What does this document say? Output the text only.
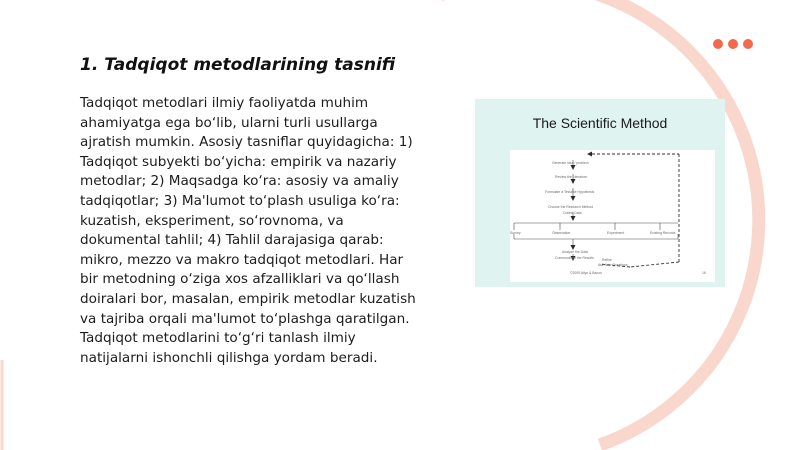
1. Tadqiqot metodlarining tasnifi

Tadqiqot metodlari ilmiy faoliyatda muhim ahamiyatga ega bo‘lib, ularni turli usullarga ajratish mumkin. Asosiy tasniflar quyidagicha: 1) Tadqiqot subyekti bo‘yicha: empirik va nazariy metodlar; 2) Maqsadga ko‘ra: asosiy va amaliy tadqiqotlar; 3) Ma'lumot to‘plash usuliga ko‘ra: kuzatish, eksperiment, so‘rovnoma, va dokumental tahlil; 4) Tahlil darajasiga qarab: mikro, mezzo va makro tadqiqot metodlari. Har bir metodning o‘ziga xos afzalliklari va qo‘llash doiralari bor, masalan, empirik metodlar kuzatish va tajriba orqali ma'lumot to‘plashga qaratilgan. Tadqiqot metodlarini to‘g‘ri tanlash ilmiy natijalarni ishonchli qilishga yordam beradi.

The Scientific Method
Generate idea / problem
Review the Literature
Formulate a Testable Hypothesis
Choose the Research Method
Collect Data
Survey	Observation	Experiment	Existing Records
Analyze the Data
Communicate the Results Refine
Ask New Questions
©2009 Allyn & Bacon	16
